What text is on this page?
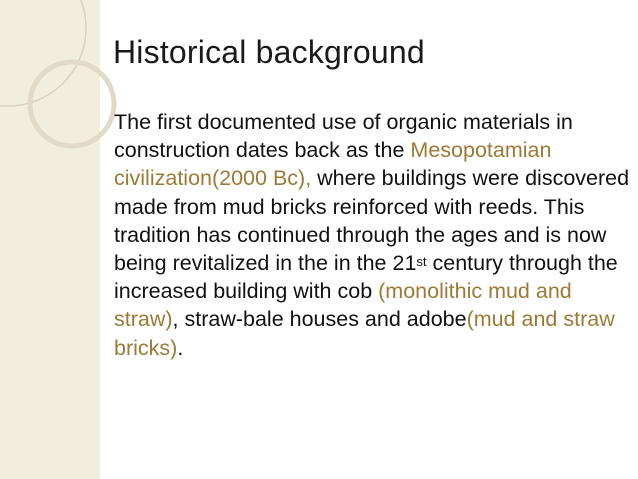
Historical background

The first documented use of organic materials in construction dates back as the Mesopotamian civilization(2000 Bc), where buildings were discovered made from mud bricks reinforced with reeds. This tradition has continued through the ages and is now being revitalized in the in the 21st century through the increased building with cob (monolithic mud and straw), straw-bale houses and adobe(mud and straw bricks).
